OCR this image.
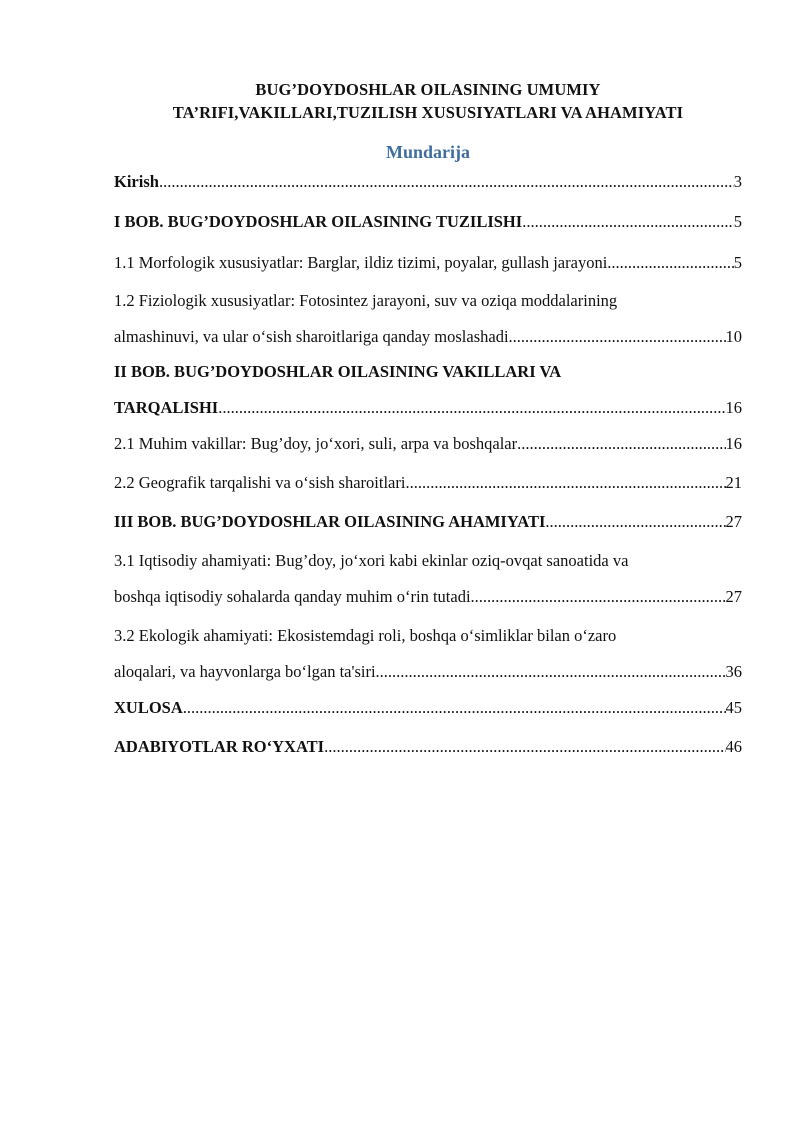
BUG’DOYDOSHLAR OILASINING UMUMIY
TA’RIFI,VAKILLARI,TUZILISH XUSUSIYATLARI VA AHAMIYATI
Mundarija
Kirish .....	3
I BOB. BUG’DOYDOSHLAR OILASINING TUZILISHI .....	5
1.1 Morfologik xususiyatlar: Barglar, ildiz tizimi, poyalar, gullash jarayoni .....	5
1.2 Fiziologik xususiyatlar: Fotosintez jarayoni, suv va oziqa moddalarining
almashinuvi, va ular o‘sish sharoitlariga qanday moslashadi .....	10
II BOB. BUG’DOYDOSHLAR OILASINING VAKILLARI VA
TARQALISHI .....	16
2.1 Muhim vakillar: Bug’doy, jo‘xori, suli, arpa va boshqalar .....	16
2.2 Geografik tarqalishi va o‘sish sharoitlari .....	21
III BOB. BUG’DOYDOSHLAR OILASINING AHAMIYATI .....	27
3.1 Iqtisodiy ahamiyati: Bug’doy, jo‘xori kabi ekinlar oziq-ovqat sanoatida va
boshqa iqtisodiy sohalarda qanday muhim o‘rin tutadi .....	27
3.2 Ekologik ahamiyati: Ekosistemdagi roli, boshqa o‘simliklar bilan o‘zaro
aloqalari, va hayvonlarga bo‘lgan ta'siri .....	36
XULOSA .....	45
ADABIYOTLAR RO‘YXATI .....	46
